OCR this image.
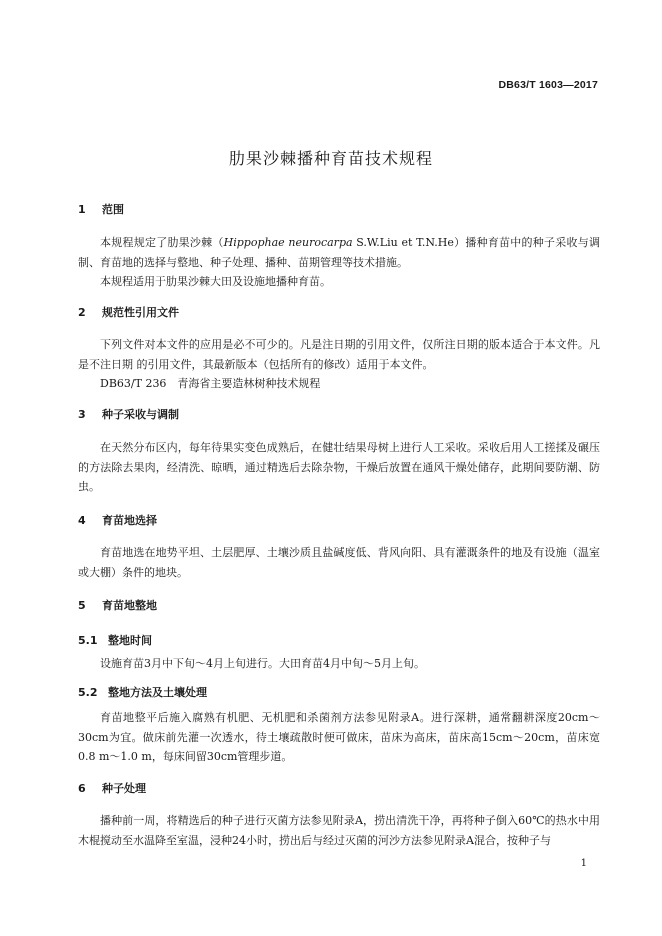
DB63/T 1603—2017
肋果沙棘播种育苗技术规程
1 范围
本规程规定了肋果沙棘（Hippophae neurocarpa S.W.Liu et T.N.He）播种育苗中的种子采收与调制、育苗地的选择与整地、种子处理、播种、苗期管理等技术措施。
本规程适用于肋果沙棘大田及设施地播种育苗。
2 规范性引用文件
下列文件对本文件的应用是必不可少的。凡是注日期的引用文件，仅所注日期的版本适合于本文件。凡是不注日期 的引用文件，其最新版本（包括所有的修改）适用于本文件。
DB63/T 236　青海省主要造林树种技术规程
3 种子采收与调制
在天然分布区内，每年待果实变色成熟后，在健壮结果母树上进行人工采收。采收后用人工搓揉及碾压的方法除去果肉，经清洗、晾晒，通过精选后去除杂物，干燥后放置在通风干燥处储存，此期间要防潮、防虫。
4 育苗地选择
育苗地选在地势平坦、土层肥厚、土壤沙质且盐碱度低、背风向阳、具有灌溉条件的地及有设施（温室或大棚）条件的地块。
5 育苗地整地
5.1 整地时间
设施育苗3月中下旬～4月上旬进行。大田育苗4月中旬～5月上旬。
5.2 整地方法及土壤处理
育苗地整平后施入腐熟有机肥、无机肥和杀菌剂方法参见附录A。进行深耕，通常翻耕深度20cm～30cm为宜。做床前先灌一次透水，待土壤疏散时便可做床，苗床为高床，苗床高15cm～20cm，苗床宽0.8 m～1.0 m，每床间留30cm管理步道。
6 种子处理
播种前一周，将精选后的种子进行灭菌方法参见附录A，捞出清洗干净，再将种子倒入60℃的热水中用木棍搅动至水温降至室温，浸种24小时，捞出后与经过灭菌的河沙方法参见附录A混合，按种子与
1
